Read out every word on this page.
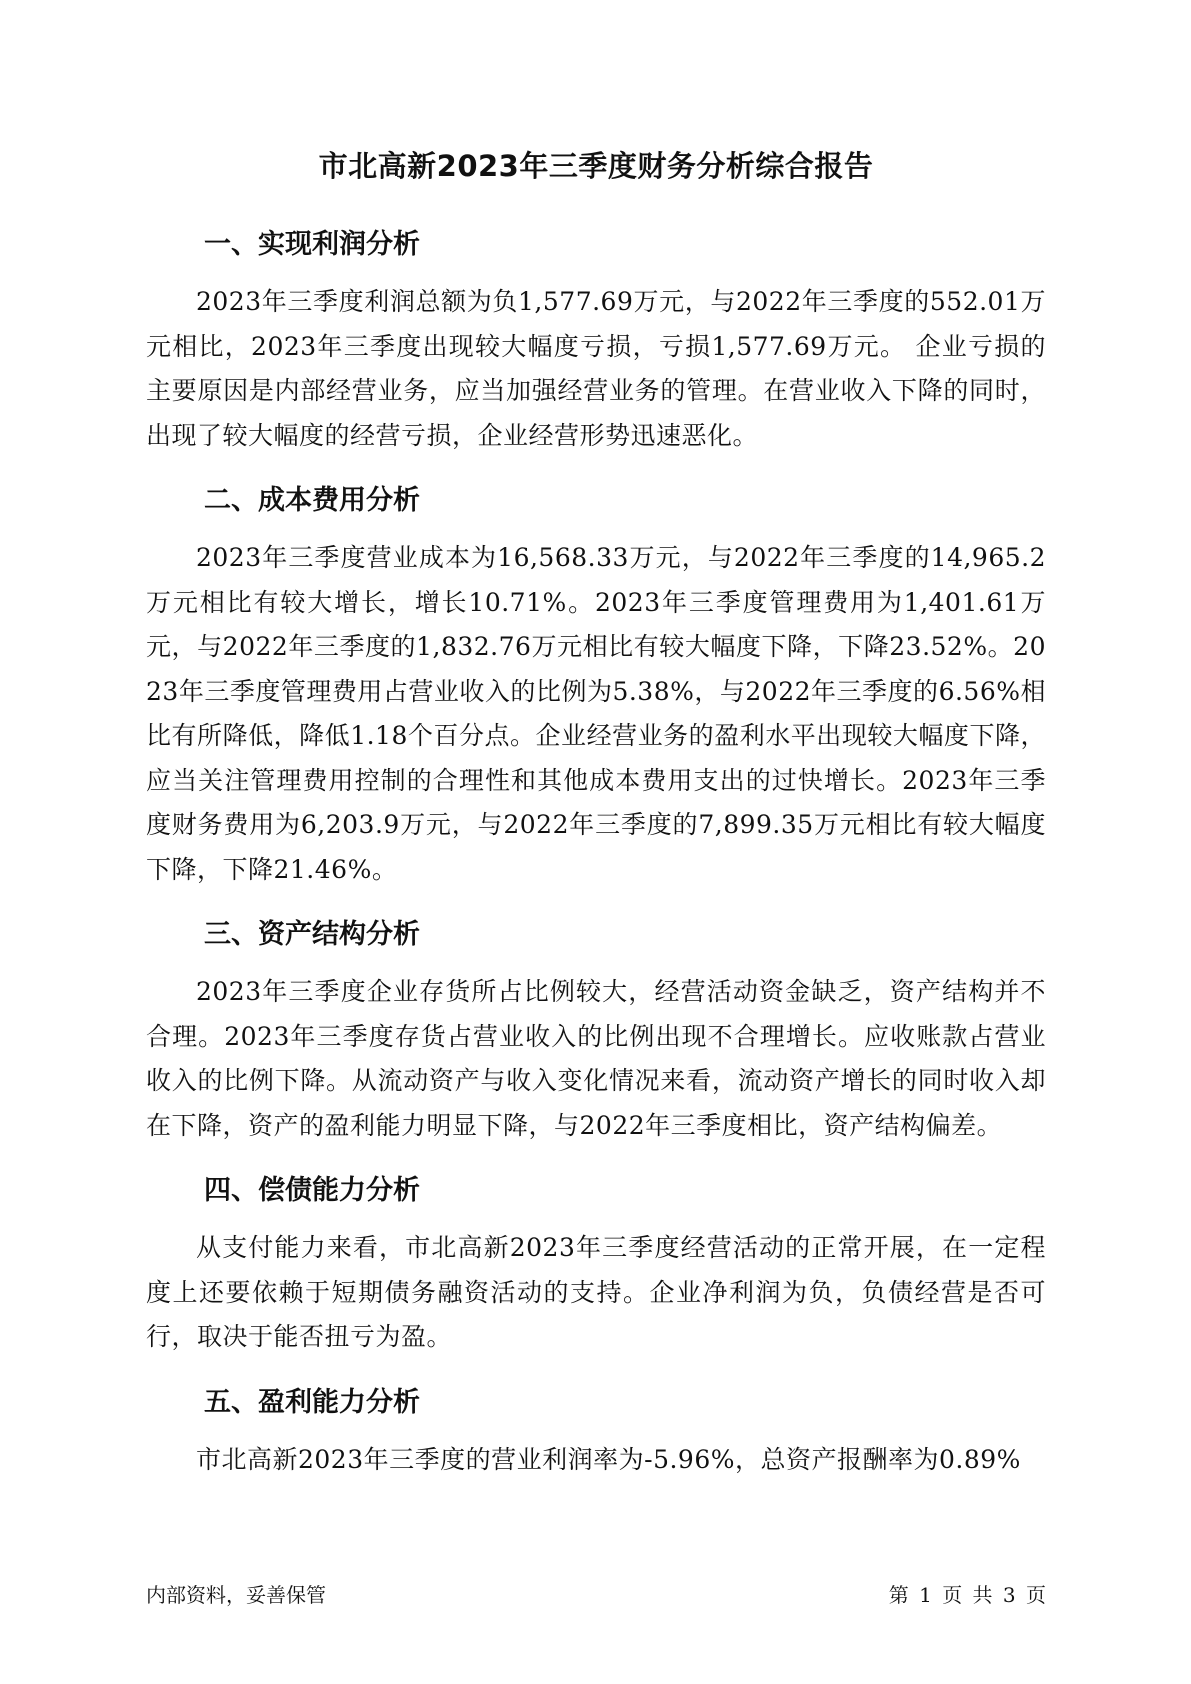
市北高新2023年三季度财务分析综合报告
一、实现利润分析

2023年三季度利润总额为负1,577.69万元，与2022年三季度的552.01万元相比，2023年三季度出现较大幅度亏损，亏损1,577.69万元。 企业亏损的主要原因是内部经营业务，应当加强经营业务的管理。在营业收入下降的同时，出现了较大幅度的经营亏损，企业经营形势迅速恶化。

二、成本费用分析

2023年三季度营业成本为16,568.33万元，与2022年三季度的14,965.2万元相比有较大增长，增长10.71%。2023年三季度管理费用为1,401.61万元，与2022年三季度的1,832.76万元相比有较大幅度下降，下降23.52%。2023年三季度管理费用占营业收入的比例为5.38%，与2022年三季度的6.56%相比有所降低，降低1.18个百分点。企业经营业务的盈利水平出现较大幅度下降，应当关注管理费用控制的合理性和其他成本费用支出的过快增长。2023年三季度财务费用为6,203.9万元，与2022年三季度的7,899.35万元相比有较大幅度下降，下降21.46%。

三、资产结构分析

2023年三季度企业存货所占比例较大，经营活动资金缺乏，资产结构并不合理。2023年三季度存货占营业收入的比例出现不合理增长。应收账款占营业收入的比例下降。从流动资产与收入变化情况来看，流动资产增长的同时收入却在下降，资产的盈利能力明显下降，与2022年三季度相比，资产结构偏差。

四、偿债能力分析

从支付能力来看，市北高新2023年三季度经营活动的正常开展，在一定程度上还要依赖于短期债务融资活动的支持。企业净利润为负，负债经营是否可行，取决于能否扭亏为盈。

五、盈利能力分析

市北高新2023年三季度的营业利润率为-5.96%，总资产报酬率为0.89%

内部资料，妥善保管	第 1 页 共 3 页
